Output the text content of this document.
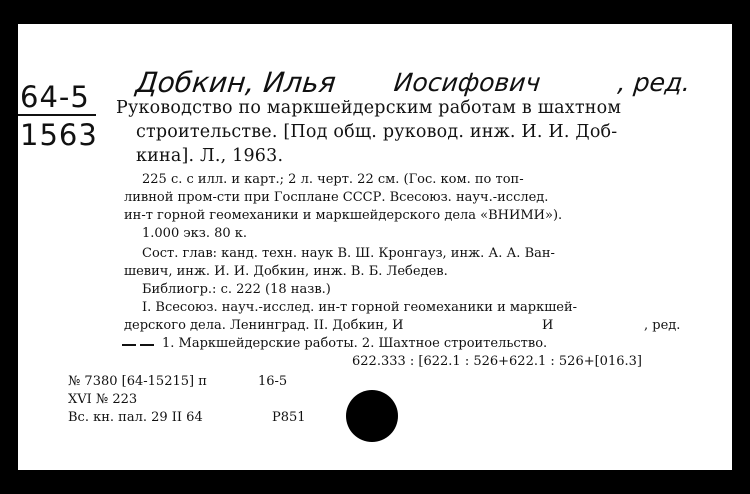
64-5
1563
Добкин, Илья Иосифович	, ред.
Руководство по маркшейдерским работам в шахтном
строительстве. [Под общ. руковод. инж. И. И. Доб-
кина]. Л., 1963.
225 с. с илл. и карт.; 2 л. черт. 22 см. (Гос. ком. по топ-
ливной пром-сти при Госплане СССР. Всесоюз. науч.-исслед.
ин-т горной геомеханики и маркшейдерского дела «ВНИМИ»).
1.000 экз. 80 к.
Сост. глав: канд. техн. наук В. Ш. Кронгауз, инж. А. А. Ван-
шевич, инж. И. И. Добкин, инж. В. Б. Лебедев.
Библиогр.: с. 222 (18 назв.)
I. Всесоюз. науч.-исслед. ин-т горной геомеханики и маркшей-
дерского дела. Ленинград. II. Добкин, И	И	, ред.
1. Маркшейдерские работы. 2. Шахтное строительство.
622.333 : [622.1 : 526+622.1 : 526+[016.3]
№ 7380 [64-15215] п	16-5
XVI № 223
Вс. кн. пал. 29 II 64	Р851
